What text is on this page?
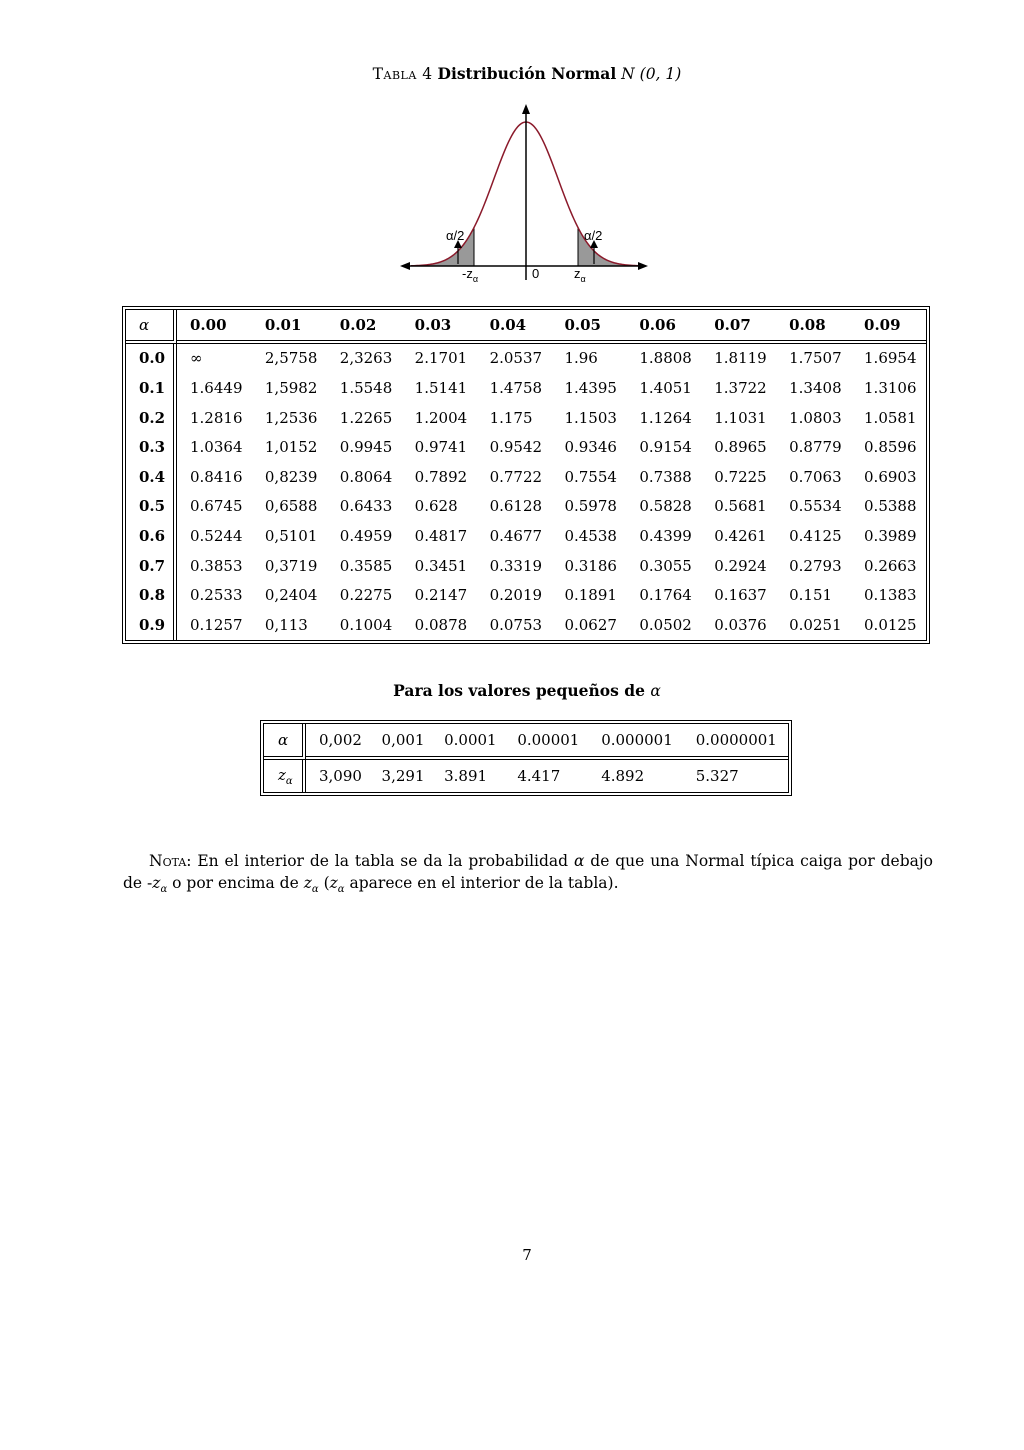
Tabla 4 Distribución Normal N (0, 1)
α/2	α/2
$-z_\alpha$	0	$z_\alpha$
α	0.00	0.01	0.02	0.03	0.04	0.05	0.06	0.07	0.08	0.09
0.0	∞	2,5758	2,3263	2.1701	2.0537	1.96	1.8808	1.8119	1.7507	1.6954
0.1	1.6449	1,5982	1.5548	1.5141	1.4758	1.4395	1.4051	1.3722	1.3408	1.3106
0.2	1.2816	1,2536	1.2265	1.2004	1.175	1.1503	1.1264	1.1031	1.0803	1.0581
0.3	1.0364	1,0152	0.9945	0.9741	0.9542	0.9346	0.9154	0.8965	0.8779	0.8596
0.4	0.8416	0,8239	0.8064	0.7892	0.7722	0.7554	0.7388	0.7225	0.7063	0.6903
0.5	0.6745	0,6588	0.6433	0.628	0.6128	0.5978	0.5828	0.5681	0.5534	0.5388
0.6	0.5244	0,5101	0.4959	0.4817	0.4677	0.4538	0.4399	0.4261	0.4125	0.3989
0.7	0.3853	0,3719	0.3585	0.3451	0.3319	0.3186	0.3055	0.2924	0.2793	0.2663
0.8	0.2533	0,2404	0.2275	0.2147	0.2019	0.1891	0.1764	0.1637	0.151	0.1383
0.9	0.1257	0,113	0.1004	0.0878	0.0753	0.0627	0.0502	0.0376	0.0251	0.0125
Para los valores pequeños de α
α	0,002	0,001	0.0001	0.00001	0.000001	0.0000001
$z_\alpha$	3,090	3,291	3.891	4.417	4.892	5.327
Nota: En el interior de la tabla se da la probabilidad α de que una Normal típica caiga por debajo de $-z_\alpha$ o por encima de $z_\alpha$ ($z_\alpha$ aparece en el interior de la tabla).
7
